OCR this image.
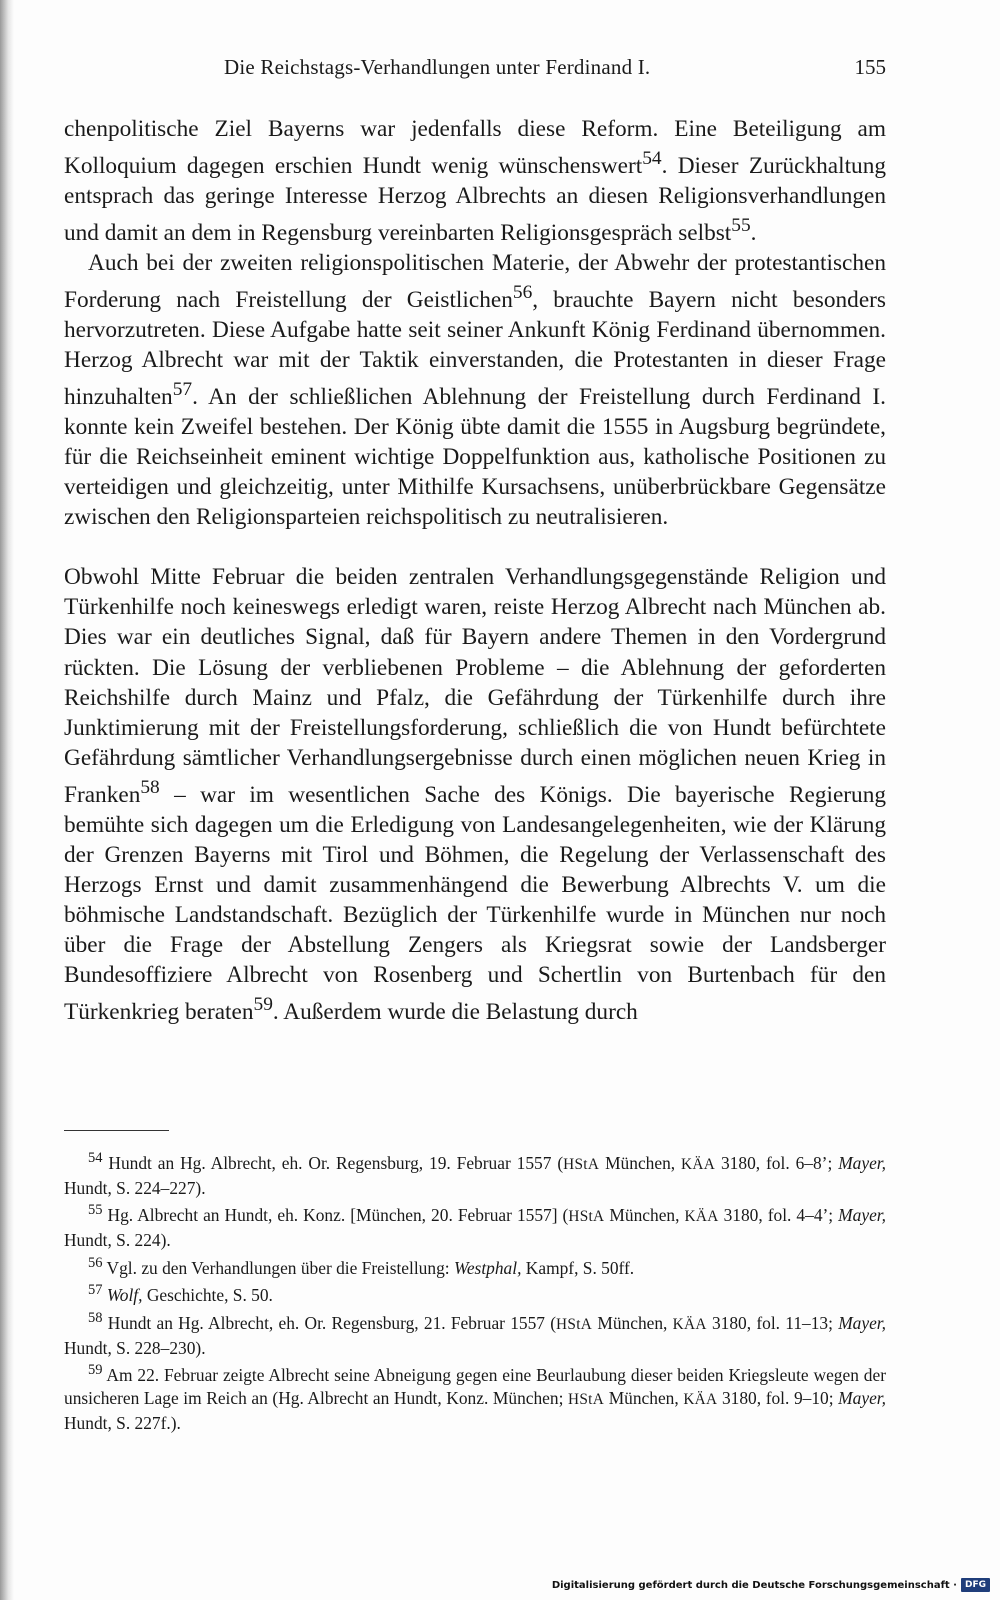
Die Reichstags-Verhandlungen unter Ferdinand I.	155

chenpolitische Ziel Bayerns war jedenfalls diese Reform. Eine Beteiligung am Kolloquium dagegen erschien Hundt wenig wünschenswert$^{54}$. Dieser Zurückhaltung entsprach das geringe Interesse Herzog Albrechts an diesen Religionsverhandlungen und damit an dem in Regensburg vereinbarten Religionsgespräch selbst$^{55}$.

Auch bei der zweiten religionspolitischen Materie, der Abwehr der protestantischen Forderung nach Freistellung der Geistlichen$^{56}$, brauchte Bayern nicht besonders hervorzutreten. Diese Aufgabe hatte seit seiner Ankunft König Ferdinand übernommen. Herzog Albrecht war mit der Taktik einverstanden, die Protestanten in dieser Frage hinzuhalten$^{57}$. An der schließlichen Ablehnung der Freistellung durch Ferdinand I. konnte kein Zweifel bestehen. Der König übte damit die 1555 in Augsburg begründete, für die Reichseinheit eminent wichtige Doppelfunktion aus, katholische Positionen zu verteidigen und gleichzeitig, unter Mithilfe Kursachsens, unüberbrückbare Gegensätze zwischen den Religionsparteien reichspolitisch zu neutralisieren.

Obwohl Mitte Februar die beiden zentralen Verhandlungsgegenstände Religion und Türkenhilfe noch keineswegs erledigt waren, reiste Herzog Albrecht nach München ab. Dies war ein deutliches Signal, daß für Bayern andere Themen in den Vordergrund rückten. Die Lösung der verbliebenen Probleme – die Ablehnung der geforderten Reichshilfe durch Mainz und Pfalz, die Gefährdung der Türkenhilfe durch ihre Junktimierung mit der Freistellungsforderung, schließlich die von Hundt befürchtete Gefährdung sämtlicher Verhandlungsergebnisse durch einen möglichen neuen Krieg in Franken$^{58}$ – war im wesentlichen Sache des Königs. Die bayerische Regierung bemühte sich dagegen um die Erledigung von Landesangelegenheiten, wie der Klärung der Grenzen Bayerns mit Tirol und Böhmen, die Regelung der Verlassenschaft des Herzogs Ernst und damit zusammenhängend die Bewerbung Albrechts V. um die böhmische Landstandschaft. Bezüglich der Türkenhilfe wurde in München nur noch über die Frage der Abstellung Zengers als Kriegsrat sowie der Landsberger Bundesoffiziere Albrecht von Rosenberg und Schertlin von Burtenbach für den Türkenkrieg beraten$^{59}$. Außerdem wurde die Belastung durch

$^{54}$ Hundt an Hg. Albrecht, eh. Or. Regensburg, 19. Februar 1557 (HStA München, KÄA 3180, fol. 6–8’; Mayer, Hundt, S. 224–227).

$^{55}$ Hg. Albrecht an Hundt, eh. Konz. [München, 20. Februar 1557] (HStA München, KÄA 3180, fol. 4–4’; Mayer, Hundt, S. 224).

$^{56}$ Vgl. zu den Verhandlungen über die Freistellung: Westphal, Kampf, S. 50ff.

$^{57}$ Wolf, Geschichte, S. 50.

$^{58}$ Hundt an Hg. Albrecht, eh. Or. Regensburg, 21. Februar 1557 (HStA München, KÄA 3180, fol. 11–13; Mayer, Hundt, S. 228–230).

$^{59}$ Am 22. Februar zeigte Albrecht seine Abneigung gegen eine Beurlaubung dieser beiden Kriegsleute wegen der unsicheren Lage im Reich an (Hg. Albrecht an Hundt, Konz. München; HStA München, KÄA 3180, fol. 9–10; Mayer, Hundt, S. 227f.).

Digitalisierung gefördert durch die Deutsche Forschungsgemeinschaft · DFG
